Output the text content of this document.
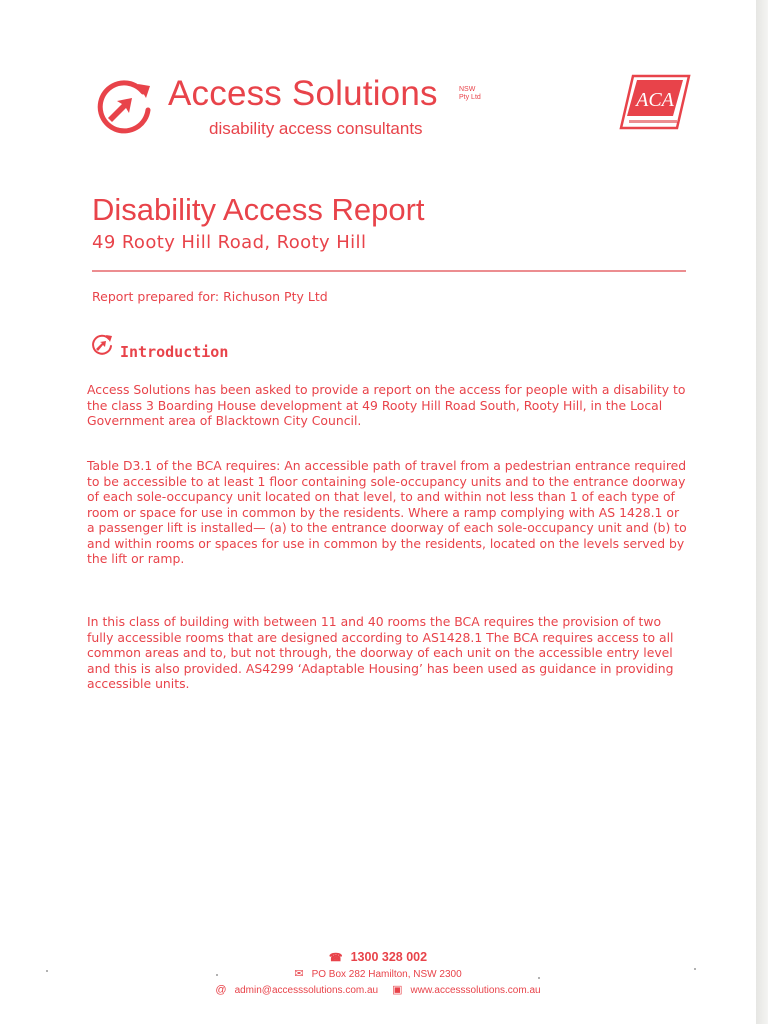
Access Solutions	NSW
Pty Ltd
disability access consultants
ACA
Disability Access Report
49 Rooty Hill Road, Rooty Hill
Report prepared for: Richuson Pty Ltd
Introduction

Access Solutions has been asked to provide a report on the access for people with a disability to the class 3 Boarding House development at 49 Rooty Hill Road South, Rooty Hill, in the Local Government area of Blacktown City Council.

Table D3.1 of the BCA requires: An accessible path of travel from a pedestrian entrance required to be accessible to at least 1 floor containing sole-occupancy units and to the entrance doorway of each sole-occupancy unit located on that level, to and within not less than 1 of each type of room or space for use in common by the residents. Where a ramp complying with AS 1428.1 or a passenger lift is installed— (a) to the entrance doorway of each sole-occupancy unit and (b) to and within rooms or spaces for use in common by the residents, located on the levels served by the lift or ramp.

In this class of building with between 11 and 40 rooms the BCA requires the provision of two fully accessible rooms that are designed according to AS1428.1 The BCA requires access to all common areas and to, but not through, the doorway of each unit on the accessible entry level and this is also provided. AS4299 ‘Adaptable Housing’ has been used as guidance in providing accessible units.

☎ 1300 328 002
✉ PO Box 282 Hamilton, NSW 2300
@ admin@accesssolutions.com.au ▣ www.accesssolutions.com.au
